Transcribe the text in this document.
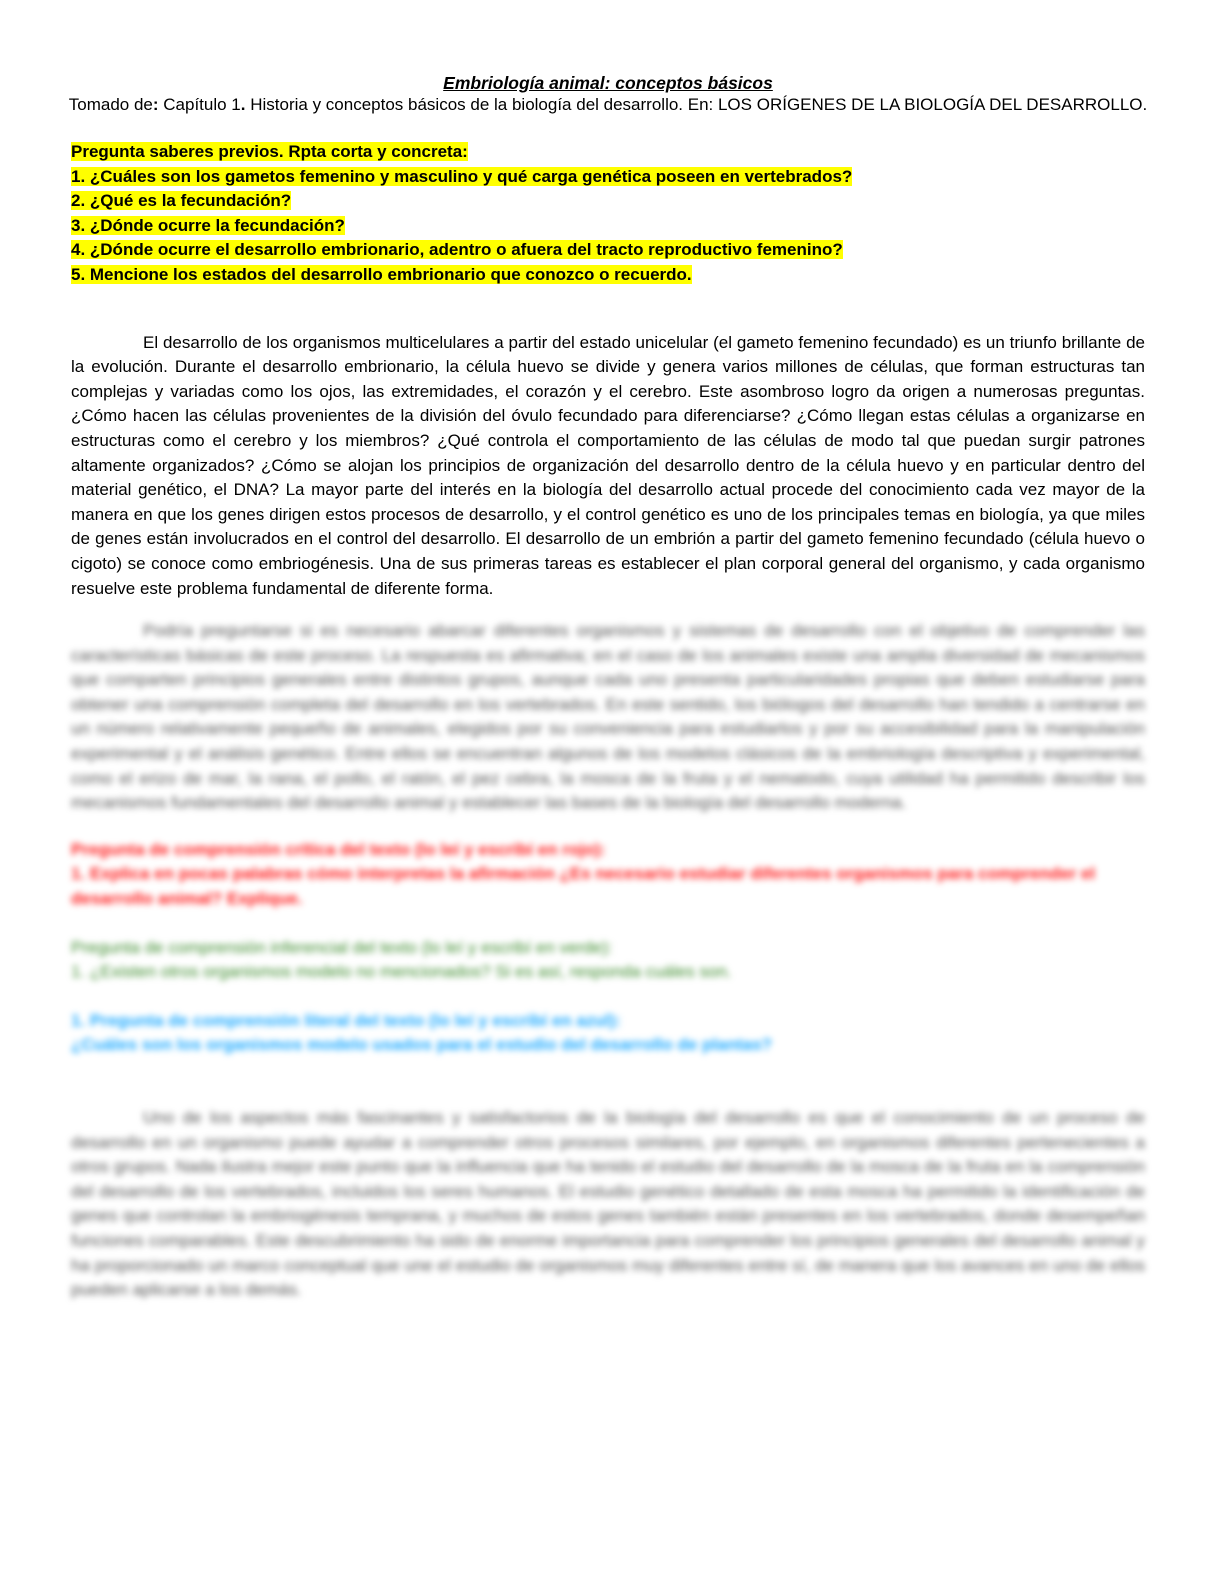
Embriología animal: conceptos básicos

Tomado de: Capítulo 1. Historia y conceptos básicos de la biología del desarrollo. En: LOS ORÍGENES DE LA BIOLOGÍA DEL DESARROLLO.

Pregunta saberes previos. Rpta corta y concreta:
1. ¿Cuáles son los gametos femenino y masculino y qué carga genética poseen en vertebrados?
2. ¿Qué es la fecundación?
3. ¿Dónde ocurre la fecundación?
4. ¿Dónde ocurre el desarrollo embrionario, adentro o afuera del tracto reproductivo femenino?
5. Mencione los estados del desarrollo embrionario que conozco o recuerdo.

El desarrollo de los organismos multicelulares a partir del estado unicelular (el gameto femenino fecundado) es un triunfo brillante de la evolución. Durante el desarrollo embrionario, la célula huevo se divide y genera varios millones de células, que forman estructuras tan complejas y variadas como los ojos, las extremidades, el corazón y el cerebro. Este asombroso logro da origen a numerosas preguntas. ¿Cómo hacen las células provenientes de la división del óvulo fecundado para diferenciarse? ¿Cómo llegan estas células a organizarse en estructuras como el cerebro y los miembros? ¿Qué controla el comportamiento de las células de modo tal que puedan surgir patrones altamente organizados? ¿Cómo se alojan los principios de organización del desarrollo dentro de la célula huevo y en particular dentro del material genético, el DNA? La mayor parte del interés en la biología del desarrollo actual procede del conocimiento cada vez mayor de la manera en que los genes dirigen estos procesos de desarrollo, y el control genético es uno de los principales temas en biología, ya que miles de genes están involucrados en el control del desarrollo. El desarrollo de un embrión a partir del gameto femenino fecundado (célula huevo o cigoto) se conoce como embriogénesis. Una de sus primeras tareas es establecer el plan corporal general del organismo, y cada organismo resuelve este problema fundamental de diferente forma.

Podría preguntarse si es necesario abarcar diferentes organismos y sistemas de desarrollo con el objetivo de comprender las características básicas de este proceso. La respuesta es afirmativa; en el caso de los animales existe una amplia diversidad de mecanismos que comparten principios generales entre distintos grupos, aunque cada uno presenta particularidades propias que deben estudiarse para obtener una comprensión completa del desarrollo en los vertebrados. En este sentido, los biólogos del desarrollo han tendido a centrarse en un número relativamente pequeño de animales, elegidos por su conveniencia para estudiarlos y por su accesibilidad para la manipulación experimental y el análisis genético. Entre ellos se encuentran algunos de los modelos clásicos de la embriología descriptiva y experimental, como el erizo de mar, la rana, el pollo, el ratón, el pez cebra, la mosca de la fruta y el nematodo, cuya utilidad ha permitido describir los mecanismos fundamentales del desarrollo animal y establecer las bases de la biología del desarrollo moderna.

Pregunta de comprensión crítica del texto (lo leí y escribí en rojo):

1. Explica en pocas palabras cómo interpretas la afirmación ¿Es necesario estudiar diferentes organismos para comprender el desarrollo animal? Explique.

Pregunta de comprensión inferencial del texto (lo leí y escribí en verde):

1. ¿Existen otros organismos modelo no mencionados? Si es así, responda cuáles son.

1. Pregunta de comprensión literal del texto (lo leí y escribí en azul):

¿Cuáles son los organismos modelo usados para el estudio del desarrollo de plantas?

Uno de los aspectos más fascinantes y satisfactorios de la biología del desarrollo es que el conocimiento de un proceso de desarrollo en un organismo puede ayudar a comprender otros procesos similares, por ejemplo, en organismos diferentes pertenecientes a otros grupos. Nada ilustra mejor este punto que la influencia que ha tenido el estudio del desarrollo de la mosca de la fruta en la comprensión del desarrollo de los vertebrados, incluidos los seres humanos. El estudio genético detallado de esta mosca ha permitido la identificación de genes que controlan la embriogénesis temprana, y muchos de estos genes también están presentes en los vertebrados, donde desempeñan funciones comparables. Este descubrimiento ha sido de enorme importancia para comprender los principios generales del desarrollo animal y ha proporcionado un marco conceptual que une el estudio de organismos muy diferentes entre sí, de manera que los avances en uno de ellos pueden aplicarse a los demás.
